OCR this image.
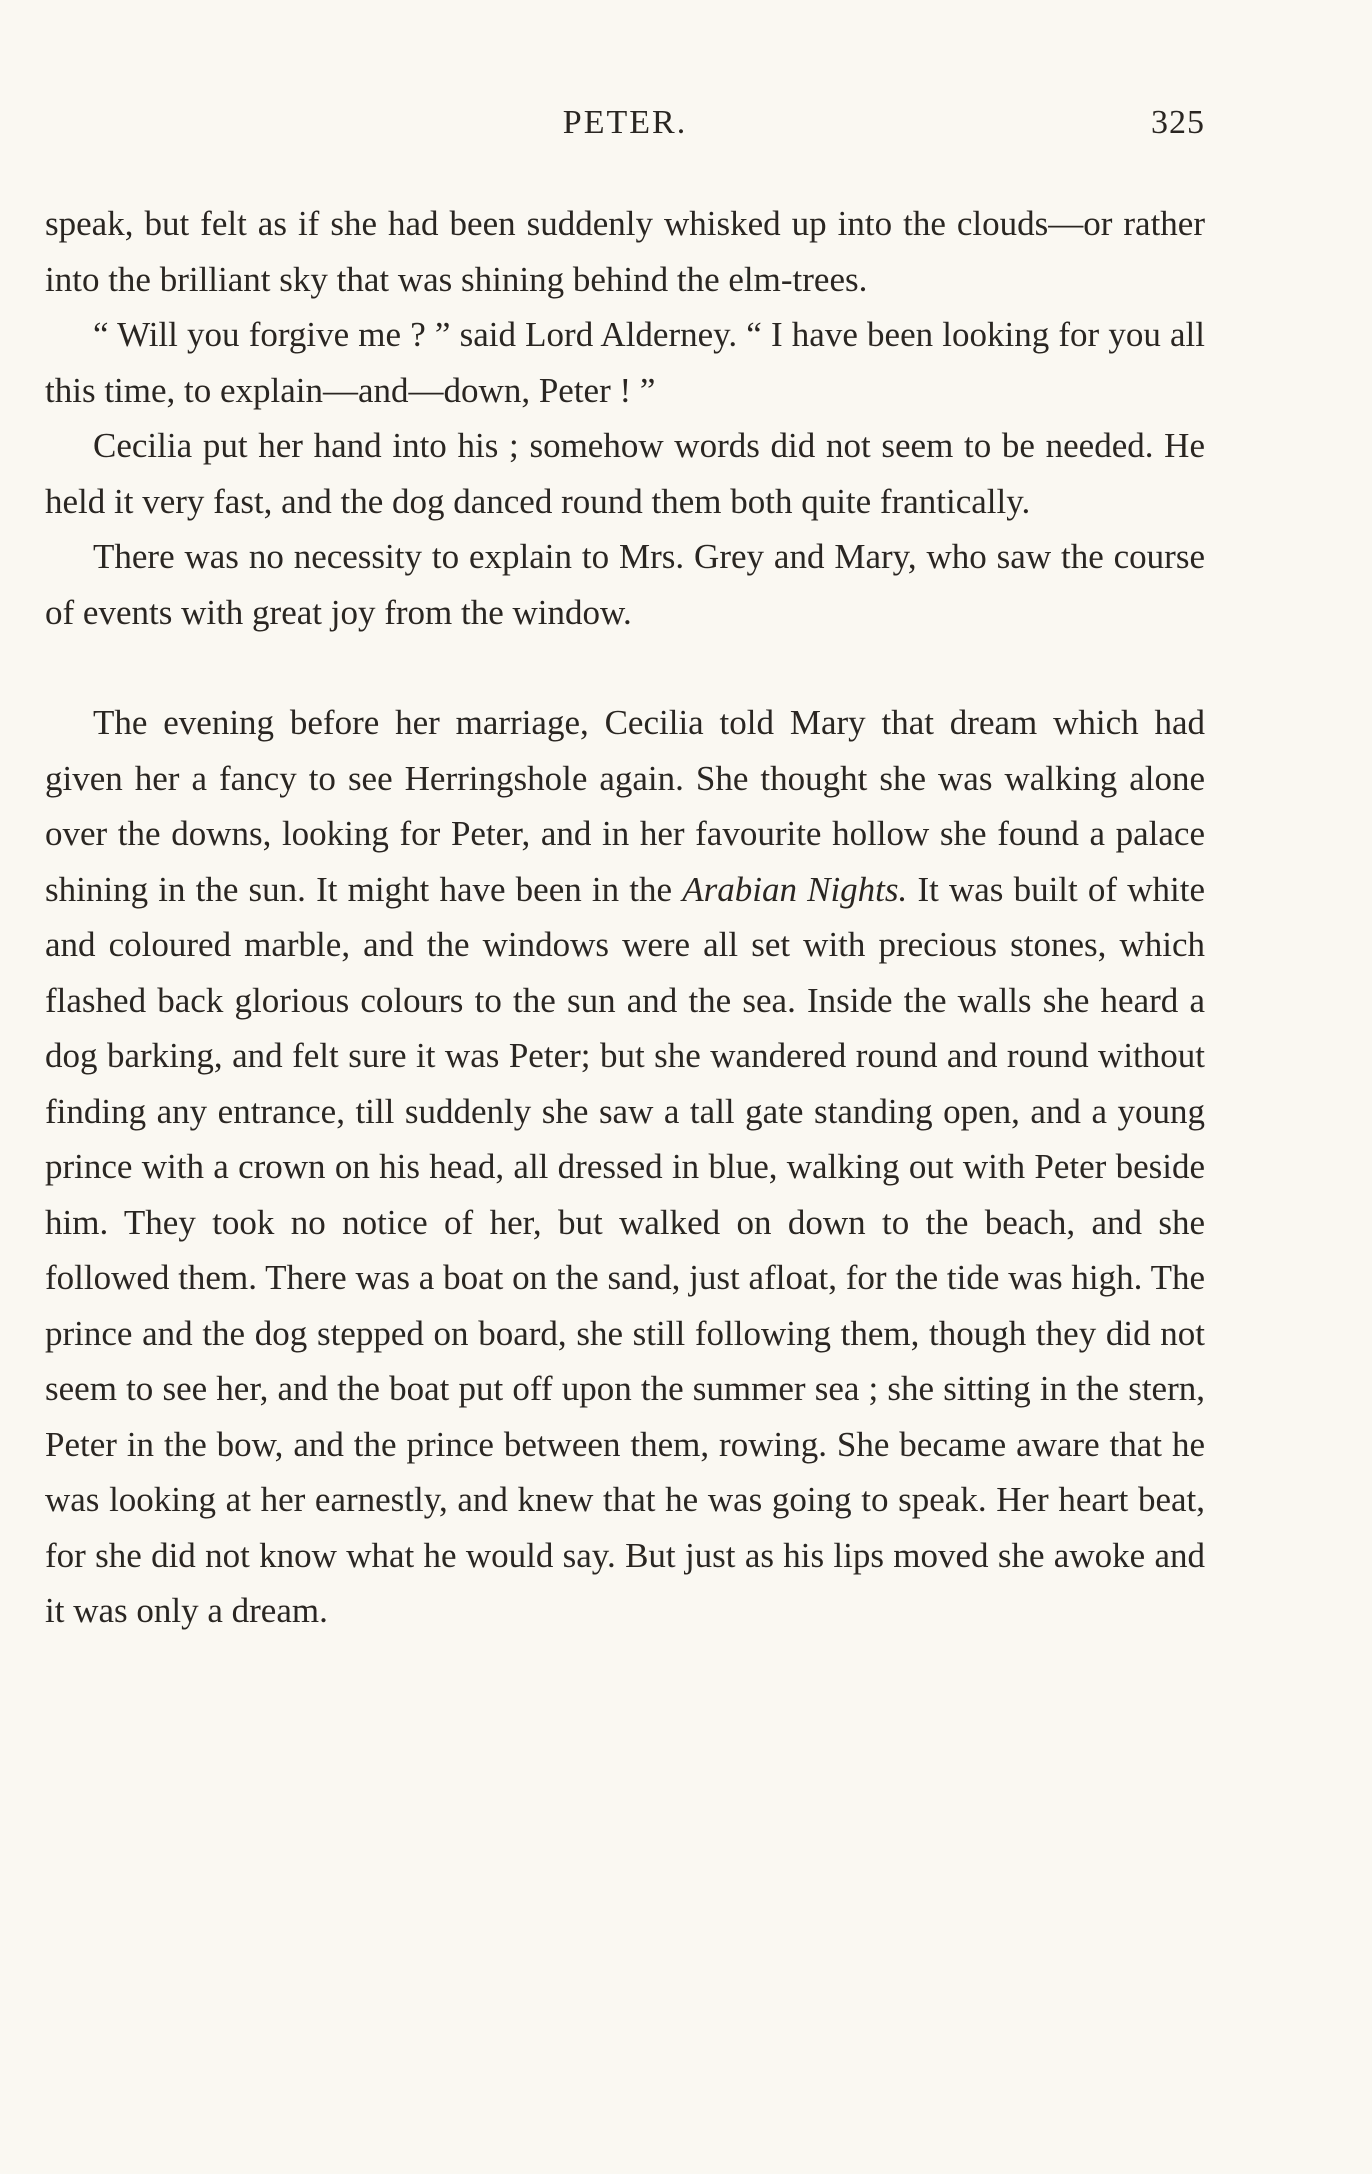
PETER.	325

speak, but felt as if she had been suddenly whisked up into the clouds—or rather into the brilliant sky that was shining behind the elm-trees.

“ Will you forgive me ? ” said Lord Alderney. “ I have been looking for you all this time, to explain—and—down, Peter ! ”

Cecilia put her hand into his ; somehow words did not seem to be needed. He held it very fast, and the dog danced round them both quite frantically.

There was no necessity to explain to Mrs. Grey and Mary, who saw the course of events with great joy from the window.

The evening before her marriage, Cecilia told Mary that dream which had given her a fancy to see Herringshole again. She thought she was walking alone over the downs, looking for Peter, and in her favourite hollow she found a palace shining in the sun. It might have been in the Arabian Nights. It was built of white and coloured marble, and the windows were all set with precious stones, which flashed back glorious colours to the sun and the sea. Inside the walls she heard a dog barking, and felt sure it was Peter; but she wandered round and round without finding any entrance, till suddenly she saw a tall gate standing open, and a young prince with a crown on his head, all dressed in blue, walking out with Peter beside him. They took no notice of her, but walked on down to the beach, and she followed them. There was a boat on the sand, just afloat, for the tide was high. The prince and the dog stepped on board, she still following them, though they did not seem to see her, and the boat put off upon the summer sea ; she sitting in the stern, Peter in the bow, and the prince between them, rowing. She became aware that he was looking at her earnestly, and knew that he was going to speak. Her heart beat, for she did not know what he would say. But just as his lips moved she awoke and it was only a dream.
